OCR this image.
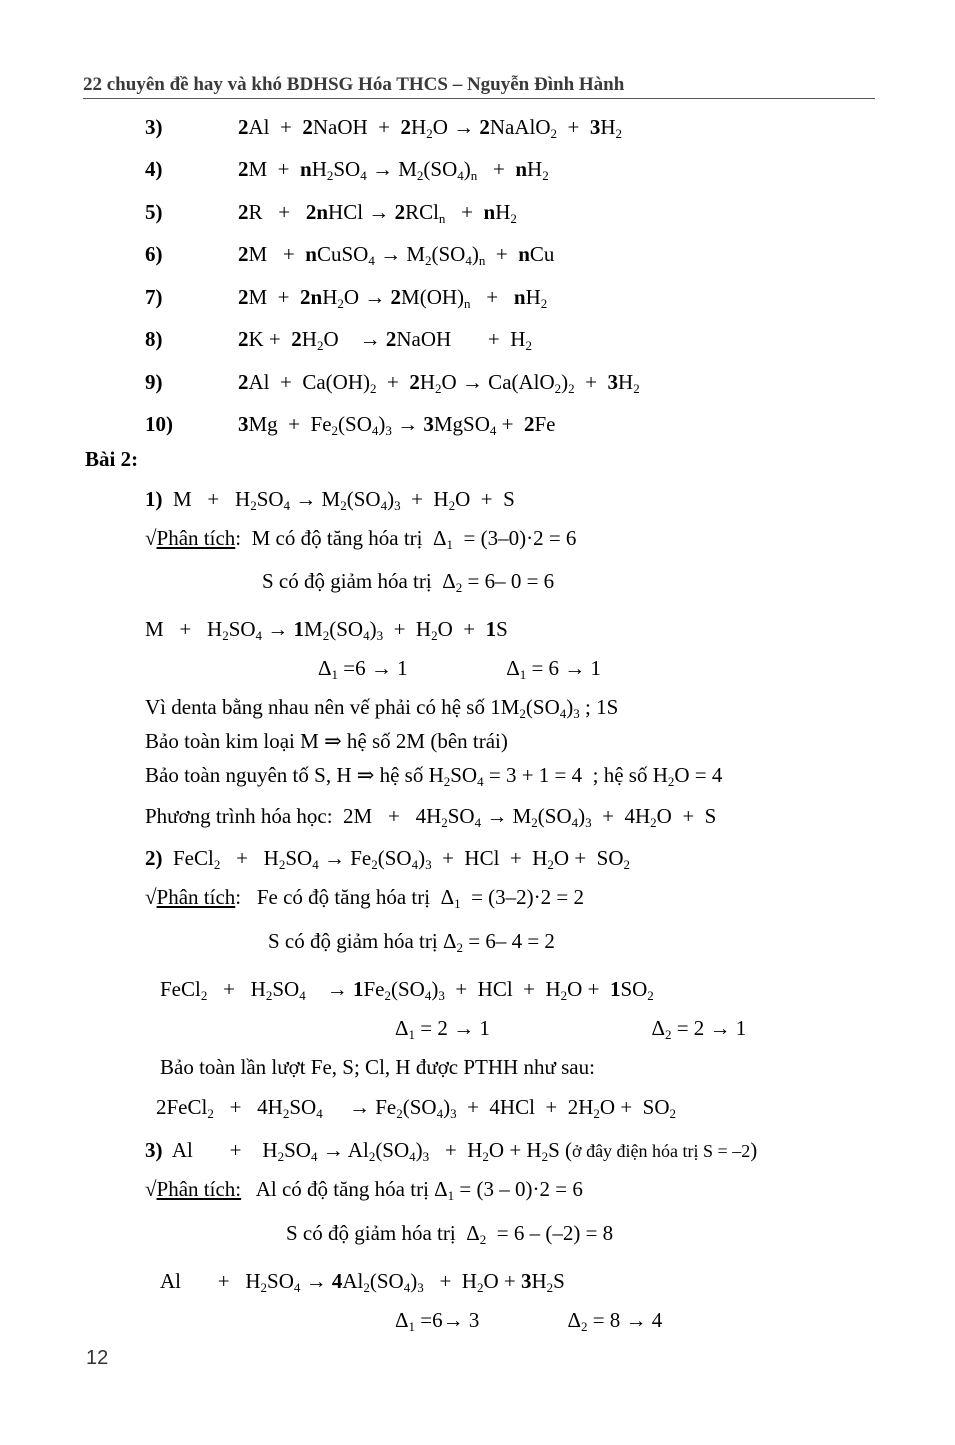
22 chuyên đề hay và khó BDHSG Hóa THCS – Nguyễn Đình Hành
3)	2Al  +  2NaOH  +  $2H_2O$ → 2NaAlO$_2$  +  $3H_2$
4)	$2M + nH_2SO_4 \to M_2(SO_4)_n + nH_2$
5)	2R   +   2nHCl → $2RCl_n + nH_2$
6)	2M   +  nCuSO$_4$ → $M_2(SO_4)_n$  +  nCu
7)	$2M + 2nH_2O \to 2M(OH)_n + nH_2$
8)	$2K + 2H_2O$    → 2NaOH       +  $H_2$
9)	$2Al + Ca(OH)_2 + 2H_2O \to Ca(AlO_2)_2 + 3H_2$
10)	$3Mg + Fe_2(SO_4)_3$ → 3MgSO$_4$ +  2Fe
Bài 2:
1)  $M + H_2SO_4 \to M_2(SO_4)_3 + H_2O + S$
√Phân tích:  M có độ tăng hóa trị  $\Delta_1 = (3-0)\cdot 2 = 6$
S có độ giảm hóa trị  $\Delta_2 = 6-$ 0 = 6
$M + H_2SO_4 \to 1M_2(SO_4)_3 + H_2O + 1S$
$\Delta_1 =6 \to 1$                   $\Delta_1 = 6 \to 1$
Vì denta bằng nhau nên vế phải có hệ số $1M_2(SO_4)_3$ ; 1S
Bảo toàn kim loại M ⇒ hệ số 2M (bên trái)
Bảo toàn nguyên tố S, H ⇒ hệ số $H_2SO_4 = 3 + 1 = 4$  ; hệ số $H_2O = 4$
Phương trình hóa học:  $2M + 4H_2SO_4 \to M_2(SO_4)_3 + 4H_2O + S$
2)  FeCl$_2$   +   $H_2SO_4 \to Fe_2(SO_4)_3$  +  HCl  +  $H_2O + SO_2$
√Phân tích:   Fe có độ tăng hóa trị  $\Delta_1 = (3-2)\cdot 2 = 2$
S có độ giảm hóa trị $\Delta_2 = 6-$ 4 = 2
FeCl$_2$   +   $H_2SO_4$    → $1Fe_2(SO_4)_3$  +  HCl  +  $H_2O + 1SO_2$
$\Delta_1 = 2 \to 1$                               $\Delta_2 = 2 \to 1$
Bảo toàn lần lượt Fe, S; Cl, H được PTHH như sau:
2FeCl$_2$   +   $4H_2SO_4$     → $Fe_2(SO_4)_3 + 4HCl + 2H_2O + SO_2$
3)  Al       +    $H_2SO_4 \to Al_2(SO_4)_3 + H_2O + H_2S$ (ở đây điện hóa trị S = –2)
√Phân tích:   Al có độ tăng hóa trị $\Delta_1 = (3 - 0)\cdot 2 = 6$
S có độ giảm hóa trị  $\Delta_2 = 6 - (-2) = 8$
Al       +   $H_2SO_4 \to 4Al_2(SO_4)_3 + H_2O + 3H_2S$
$\Delta_1 =6\to 3$                 $\Delta_2 = 8 \to 4$
12
